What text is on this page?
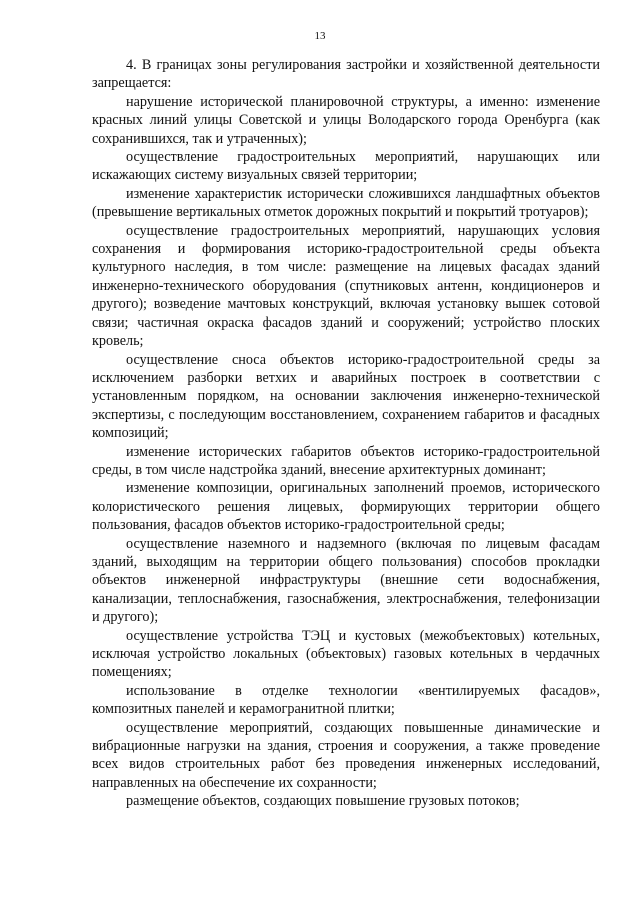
13

4. В границах зоны регулирования застройки и хозяйственной деятельности запрещается:

нарушение исторической планировочной структуры, а именно: изменение красных линий улицы Советской и улицы Володарского города Оренбурга (как сохранившихся, так и утраченных);

осуществление градостроительных мероприятий, нарушающих или искажающих систему визуальных связей территории;

изменение характеристик исторически сложившихся ландшафтных объектов (превышение вертикальных отметок дорожных покрытий и покрытий тротуаров);

осуществление градостроительных мероприятий, нарушающих условия сохранения и формирования историко-градостроительной среды объекта культурного наследия, в том числе: размещение на лицевых фасадах зданий инженерно-технического оборудования (спутниковых антенн, кондиционеров и другого); возведение мачтовых конструкций, включая установку вышек сотовой связи; частичная окраска фасадов зданий и сооружений; устройство плоских кровель;

осуществление сноса объектов историко-градостроительной среды за исключением разборки ветхих и аварийных построек в соответствии с установленным порядком, на основании заключения инженерно-технической экспертизы, с последующим восстановлением, сохранением габаритов и фасадных композиций;

изменение исторических габаритов объектов историко-градостроительной среды, в том числе надстройка зданий, внесение архитектурных доминант;

изменение композиции, оригинальных заполнений проемов, исторического колористического решения лицевых, формирующих территории общего пользования, фасадов объектов историко-градостроительной среды;

осуществление наземного и надземного (включая по лицевым фасадам зданий, выходящим на территории общего пользования) способов прокладки объектов инженерной инфраструктуры (внешние сети водоснабжения, канализации, теплоснабжения, газоснабжения, электроснабжения, телефонизации и другого);

осуществление устройства ТЭЦ и кустовых (межобъектовых) котельных, исключая устройство локальных (объектовых) газовых котельных в чердачных помещениях;

использование в отделке технологии «вентилируемых фасадов», композитных панелей и керамогранитной плитки;

осуществление мероприятий, создающих повышенные динамические и вибрационные нагрузки на здания, строения и сооружения, а также проведение всех видов строительных работ без проведения инженерных исследований, направленных на обеспечение их сохранности;

размещение объектов, создающих повышение грузовых потоков;
